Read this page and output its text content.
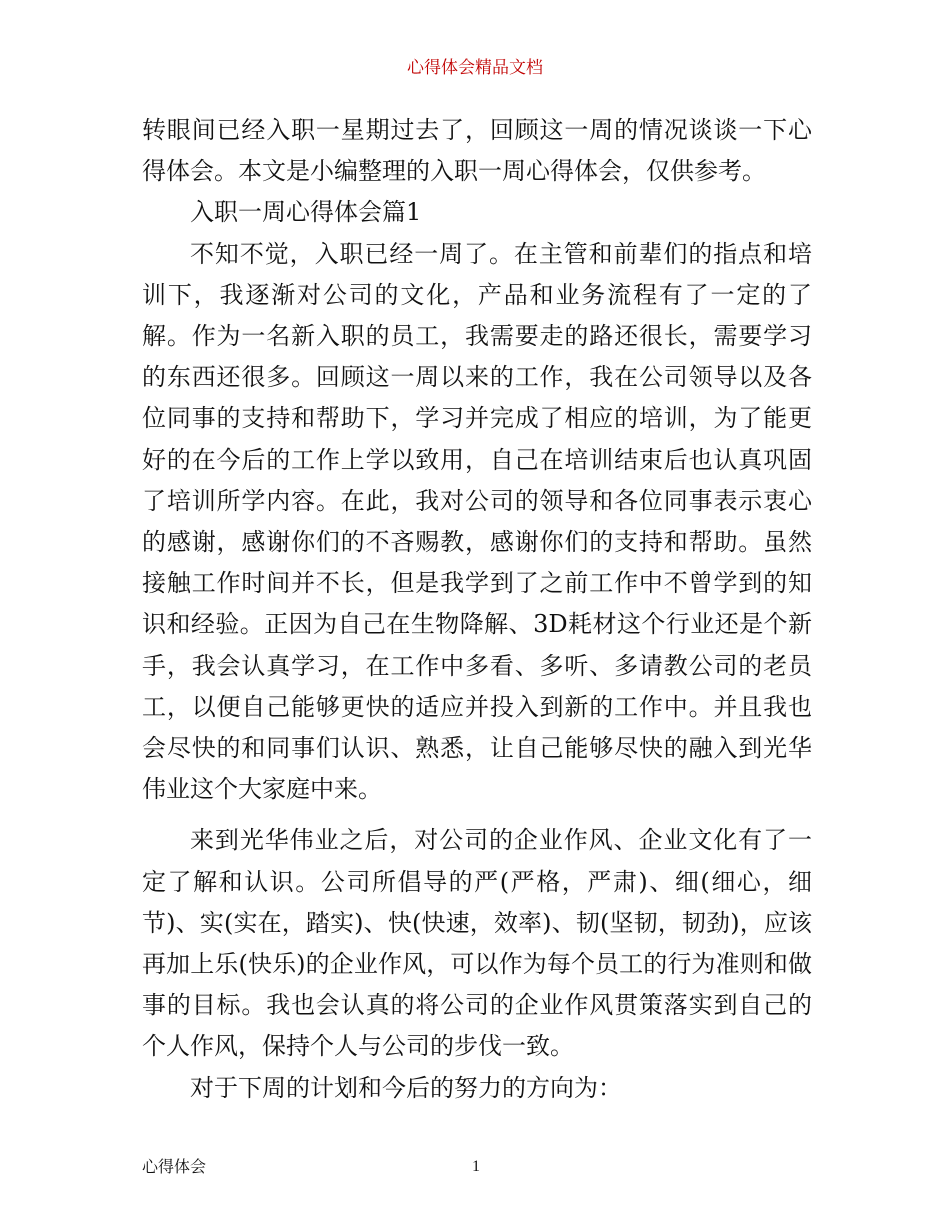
心得体会精品文档

转眼间已经入职一星期过去了，回顾这一周的情况谈谈一下心得体会。本文是小编整理的入职一周心得体会，仅供参考。

入职一周心得体会篇1

不知不觉，入职已经一周了。在主管和前辈们的指点和培训下，我逐渐对公司的文化，产品和业务流程有了一定的了解。作为一名新入职的员工，我需要走的路还很长，需要学习的东西还很多。回顾这一周以来的工作，我在公司领导以及各位同事的支持和帮助下，学习并完成了相应的培训，为了能更好的在今后的工作上学以致用，自己在培训结束后也认真巩固了培训所学内容。在此，我对公司的领导和各位同事表示衷心的感谢，感谢你们的不吝赐教，感谢你们的支持和帮助。虽然接触工作时间并不长，但是我学到了之前工作中不曾学到的知识和经验。正因为自己在生物降解、3D耗材这个行业还是个新手，我会认真学习，在工作中多看、多听、多请教公司的老员工，以便自己能够更快的适应并投入到新的工作中。并且我也会尽快的和同事们认识、熟悉，让自己能够尽快的融入到光华伟业这个大家庭中来。

来到光华伟业之后，对公司的企业作风、企业文化有了一定了解和认识。公司所倡导的严(严格，严肃)、细(细心，细节)、实(实在，踏实)、快(快速，效率)、韧(坚韧，韧劲)，应该再加上乐(快乐)的企业作风，可以作为每个员工的行为准则和做事的目标。我也会认真的将公司的企业作风贯策落实到自己的个人作风，保持个人与公司的步伐一致。

对于下周的计划和今后的努力的方向为：

心得体会	1
